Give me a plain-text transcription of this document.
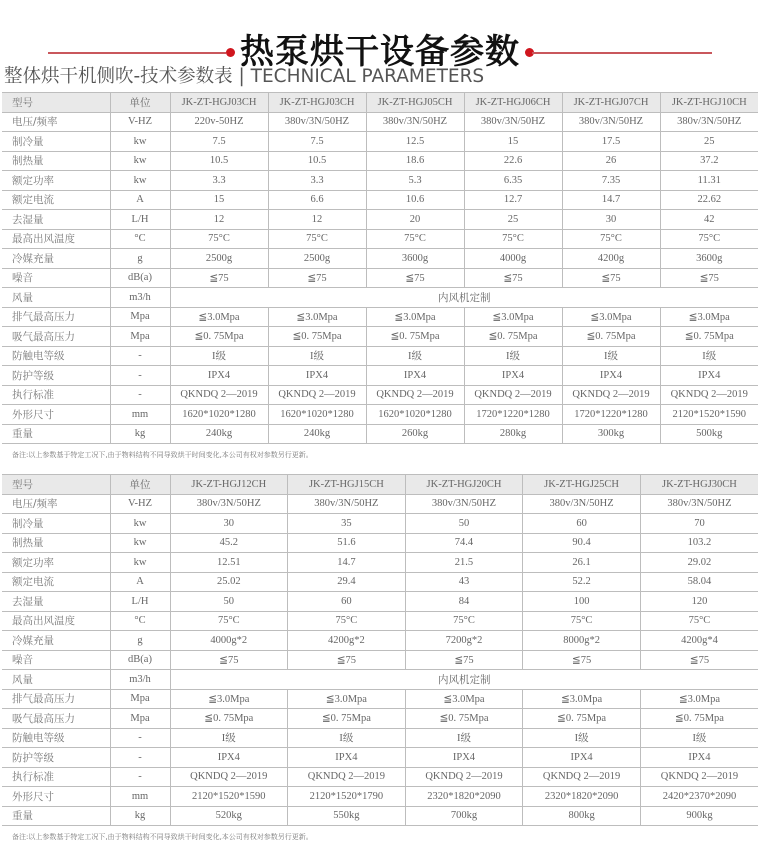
热泵烘干设备参数
整体烘干机侧吹-技术参数表 | TECHNICAL PARAMETERS
型号	单位	JK-ZT-HGJ03CH	JK-ZT-HGJ03CH	JK-ZT-HGJ05CH	JK-ZT-HGJ06CH	JK-ZT-HGJ07CH	JK-ZT-HGJ10CH
电压/频率	V-HZ	220v-50HZ	380v/3N/50HZ	380v/3N/50HZ	380v/3N/50HZ	380v/3N/50HZ	380v/3N/50HZ
制冷量	kw	7.5	7.5	12.5	15	17.5	25
制热量	kw	10.5	10.5	18.6	22.6	26	37.2
额定功率	kw	3.3	3.3	5.3	6.35	7.35	11.31
额定电流	A	15	6.6	10.6	12.7	14.7	22.62
去湿量	L/H	12	12	20	25	30	42
最高出风温度	°C	75°C	75°C	75°C	75°C	75°C	75°C
冷媒充量	g	2500g	2500g	3600g	4000g	4200g	3600g
噪音	dB(a)	≦75	≦75	≦75	≦75	≦75	≦75
风量	m3/h	内风机定制					
排气最高压力	Mpa	≦3.0Mpa	≦3.0Mpa	≦3.0Mpa	≦3.0Mpa	≦3.0Mpa	≦3.0Mpa
吸气最高压力	Mpa	≦0. 75Mpa	≦0. 75Mpa	≦0. 75Mpa	≦0. 75Mpa	≦0. 75Mpa	≦0. 75Mpa
防触电等级	-	I级	I级	I级	I级	I级	I级
防护等级	-	IPX4	IPX4	IPX4	IPX4	IPX4	IPX4
执行标准	-	QKNDQ 2—2019	QKNDQ 2—2019	QKNDQ 2—2019	QKNDQ 2—2019	QKNDQ 2—2019	QKNDQ 2—2019
外形尺寸	mm	1620*1020*1280	1620*1020*1280	1620*1020*1280	1720*1220*1280	1720*1220*1280	2120*1520*1590
重量	kg	240kg	240kg	260kg	280kg	300kg	500kg
备注:以上参数基于特定工况下,由于物料结构不同导致烘干时间变化,本公司有权对参数另行更新。
型号	单位	JK-ZT-HGJ12CH	JK-ZT-HGJ15CH	JK-ZT-HGJ20CH	JK-ZT-HGJ25CH	JK-ZT-HGJ30CH
电压/频率	V-HZ	380v/3N/50HZ	380v/3N/50HZ	380v/3N/50HZ	380v/3N/50HZ	380v/3N/50HZ
制冷量	kw	30	35	50	60	70
制热量	kw	45.2	51.6	74.4	90.4	103.2
额定功率	kw	12.51	14.7	21.5	26.1	29.02
额定电流	A	25.02	29.4	43	52.2	58.04
去湿量	L/H	50	60	84	100	120
最高出风温度	°C	75°C	75°C	75°C	75°C	75°C
冷媒充量	g	4000g*2	4200g*2	7200g*2	8000g*2	4200g*4
噪音	dB(a)	≦75	≦75	≦75	≦75	≦75
风量	m3/h	内风机定制				
排气最高压力	Mpa	≦3.0Mpa	≦3.0Mpa	≦3.0Mpa	≦3.0Mpa	≦3.0Mpa
吸气最高压力	Mpa	≦0. 75Mpa	≦0. 75Mpa	≦0. 75Mpa	≦0. 75Mpa	≦0. 75Mpa
防触电等级	-	I级	I级	I级	I级	I级
防护等级	-	IPX4	IPX4	IPX4	IPX4	IPX4
执行标准	-	QKNDQ 2—2019	QKNDQ 2—2019	QKNDQ 2—2019	QKNDQ 2—2019	QKNDQ 2—2019
外形尺寸	mm	2120*1520*1590	2120*1520*1790	2320*1820*2090	2320*1820*2090	2420*2370*2090
重量	kg	520kg	550kg	700kg	800kg	900kg
备注:以上参数基于特定工况下,由于物料结构不同导致烘干时间变化,本公司有权对参数另行更新。
